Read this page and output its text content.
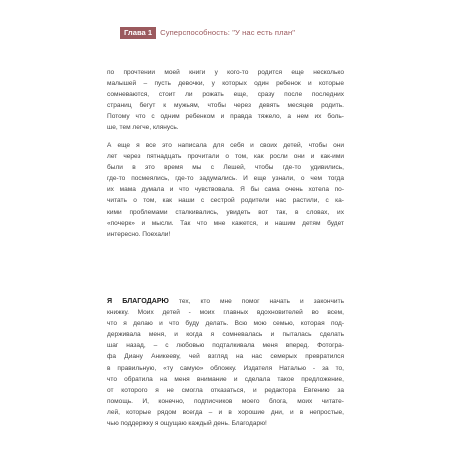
Глава 1	Суперспособность: "У нас есть план"

по прочтении моей книги у кого-то родится еще несколько
малышей – пусть девочки, у которых один ребенок и которые
сомневаются, стоит ли рожать еще, сразу после последних
страниц бегут к мужьям, чтобы через девять месяцев родить.
Потому что с одним ребенком и правда тяжело, а нем их боль-
ше, тем легче, клянусь.

А еще я все это написала для себя и своих детей, чтобы они
лет через пятнадцать прочитали о том, как росли они и как-ими
были в это время мы с Лешей, чтобы где-то удивились,
где-то посмеялись, где-то задумались. И еще узнали, о чем тогда
их мама думала и что чувствовала. Я бы сама очень хотела по-
читать о том, как наши с сестрой родители нас растили, с ка-
кими проблемами сталкивались, увидеть вот так, в словах, их
«почерк» и мысли. Так что мне кажется, и нашим детям будет
интересно. Поехали!

Я БЛАГОДАРЮ тех, кто мне помог начать и закончить
книжку. Моих детей - моих главных вдохновителей во всем,
что я делаю и что буду делать. Всю мою семью, которая под-
держивала меня, и когда я сомневалась и пыталась сделать
шаг назад, – с любовью подталкивала меня вперед. Фотогра-
фа Диану Аникееву, чей взгляд на нас семерых превратился
в правильную, «ту самую» обложку. Издателя Наталью - за то,
что обратила на меня внимание и сделала такое предложение,
от которого я не смогла отказаться, и редактора Евгению за
помощь. И, конечно, подписчиков моего блога, моих читате-
лей, которые рядом всегда – и в хорошие дни, и в непростые,
чью поддержку я ощущаю каждый день. Благодарю!
